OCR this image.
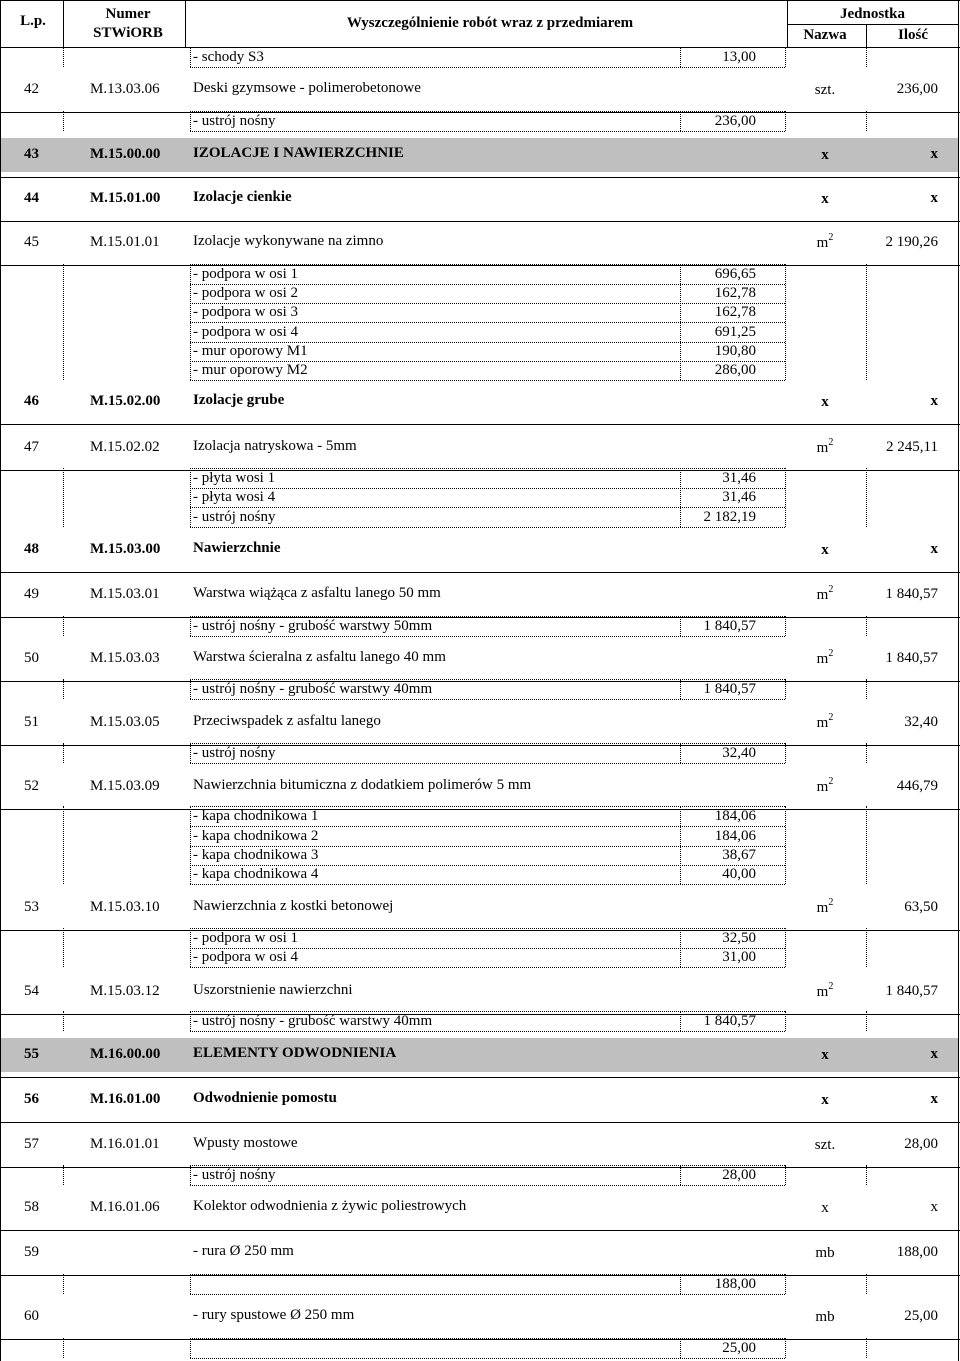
L.p.	Numer
STWiORB
Wyszczególnienie robót wraz z przedmiarem
Jednostka
Nazwa	Ilość
- schody S3	13,00
42	M.13.03.06 Deski gzymsowe - polimerobetonowe	szt.	236,00
- ustrój nośny	236,00
43	M.15.00.00 IZOLACJE I NAWIERZCHNIE	x	x
44	M.15.01.00 Izolacje cienkie	x	x
45	M.15.01.01 Izolacje wykonywane na zimno	$m^2$	2 190,26
- podpora w osi 1	696,65
- podpora w osi 2	162,78
- podpora w osi 3	162,78
- podpora w osi 4	691,25
- mur oporowy M1	190,80
- mur oporowy M2	286,00
46	M.15.02.00 Izolacje grube	x	x
47	M.15.02.02 Izolacja natryskowa - 5mm	$m^2$	2 245,11
- płyta wosi 1	31,46
- płyta wosi 4	31,46
- ustrój nośny	2 182,19
48	M.15.03.00 Nawierzchnie	x	x
49	M.15.03.01 Warstwa wiążąca z asfaltu lanego 50 mm	$m^2$	1 840,57
- ustrój nośny - grubość warstwy 50mm	1 840,57
50	M.15.03.03 Warstwa ścieralna z asfaltu lanego 40 mm	$m^2$	1 840,57
- ustrój nośny - grubość warstwy 40mm	1 840,57
51	M.15.03.05 Przeciwspadek z asfaltu lanego	$m^2$	32,40
- ustrój nośny	32,40
52	M.15.03.09 Nawierzchnia bitumiczna z dodatkiem polimerów 5 mm	$m^2$	446,79
- kapa chodnikowa 1	184,06
- kapa chodnikowa 2	184,06
- kapa chodnikowa 3	38,67
- kapa chodnikowa 4	40,00
53	M.15.03.10 Nawierzchnia z kostki betonowej	$m^2$	63,50
- podpora w osi 1	32,50
- podpora w osi 4	31,00
54	M.15.03.12 Uszorstnienie nawierzchni	$m^2$	1 840,57
- ustrój nośny - grubość warstwy 40mm	1 840,57
55	M.16.00.00 ELEMENTY ODWODNIENIA	x	x
56	M.16.01.00 Odwodnienie pomostu	x	x
57	M.16.01.01 Wpusty mostowe	szt.	28,00
- ustrój nośny	28,00
58	M.16.01.06 Kolektor odwodnienia z żywic poliestrowych	x	x
59	- rura Ø 250 mm	mb	188,00
188,00
60	- rury spustowe Ø 250 mm	mb	25,00
25,00
